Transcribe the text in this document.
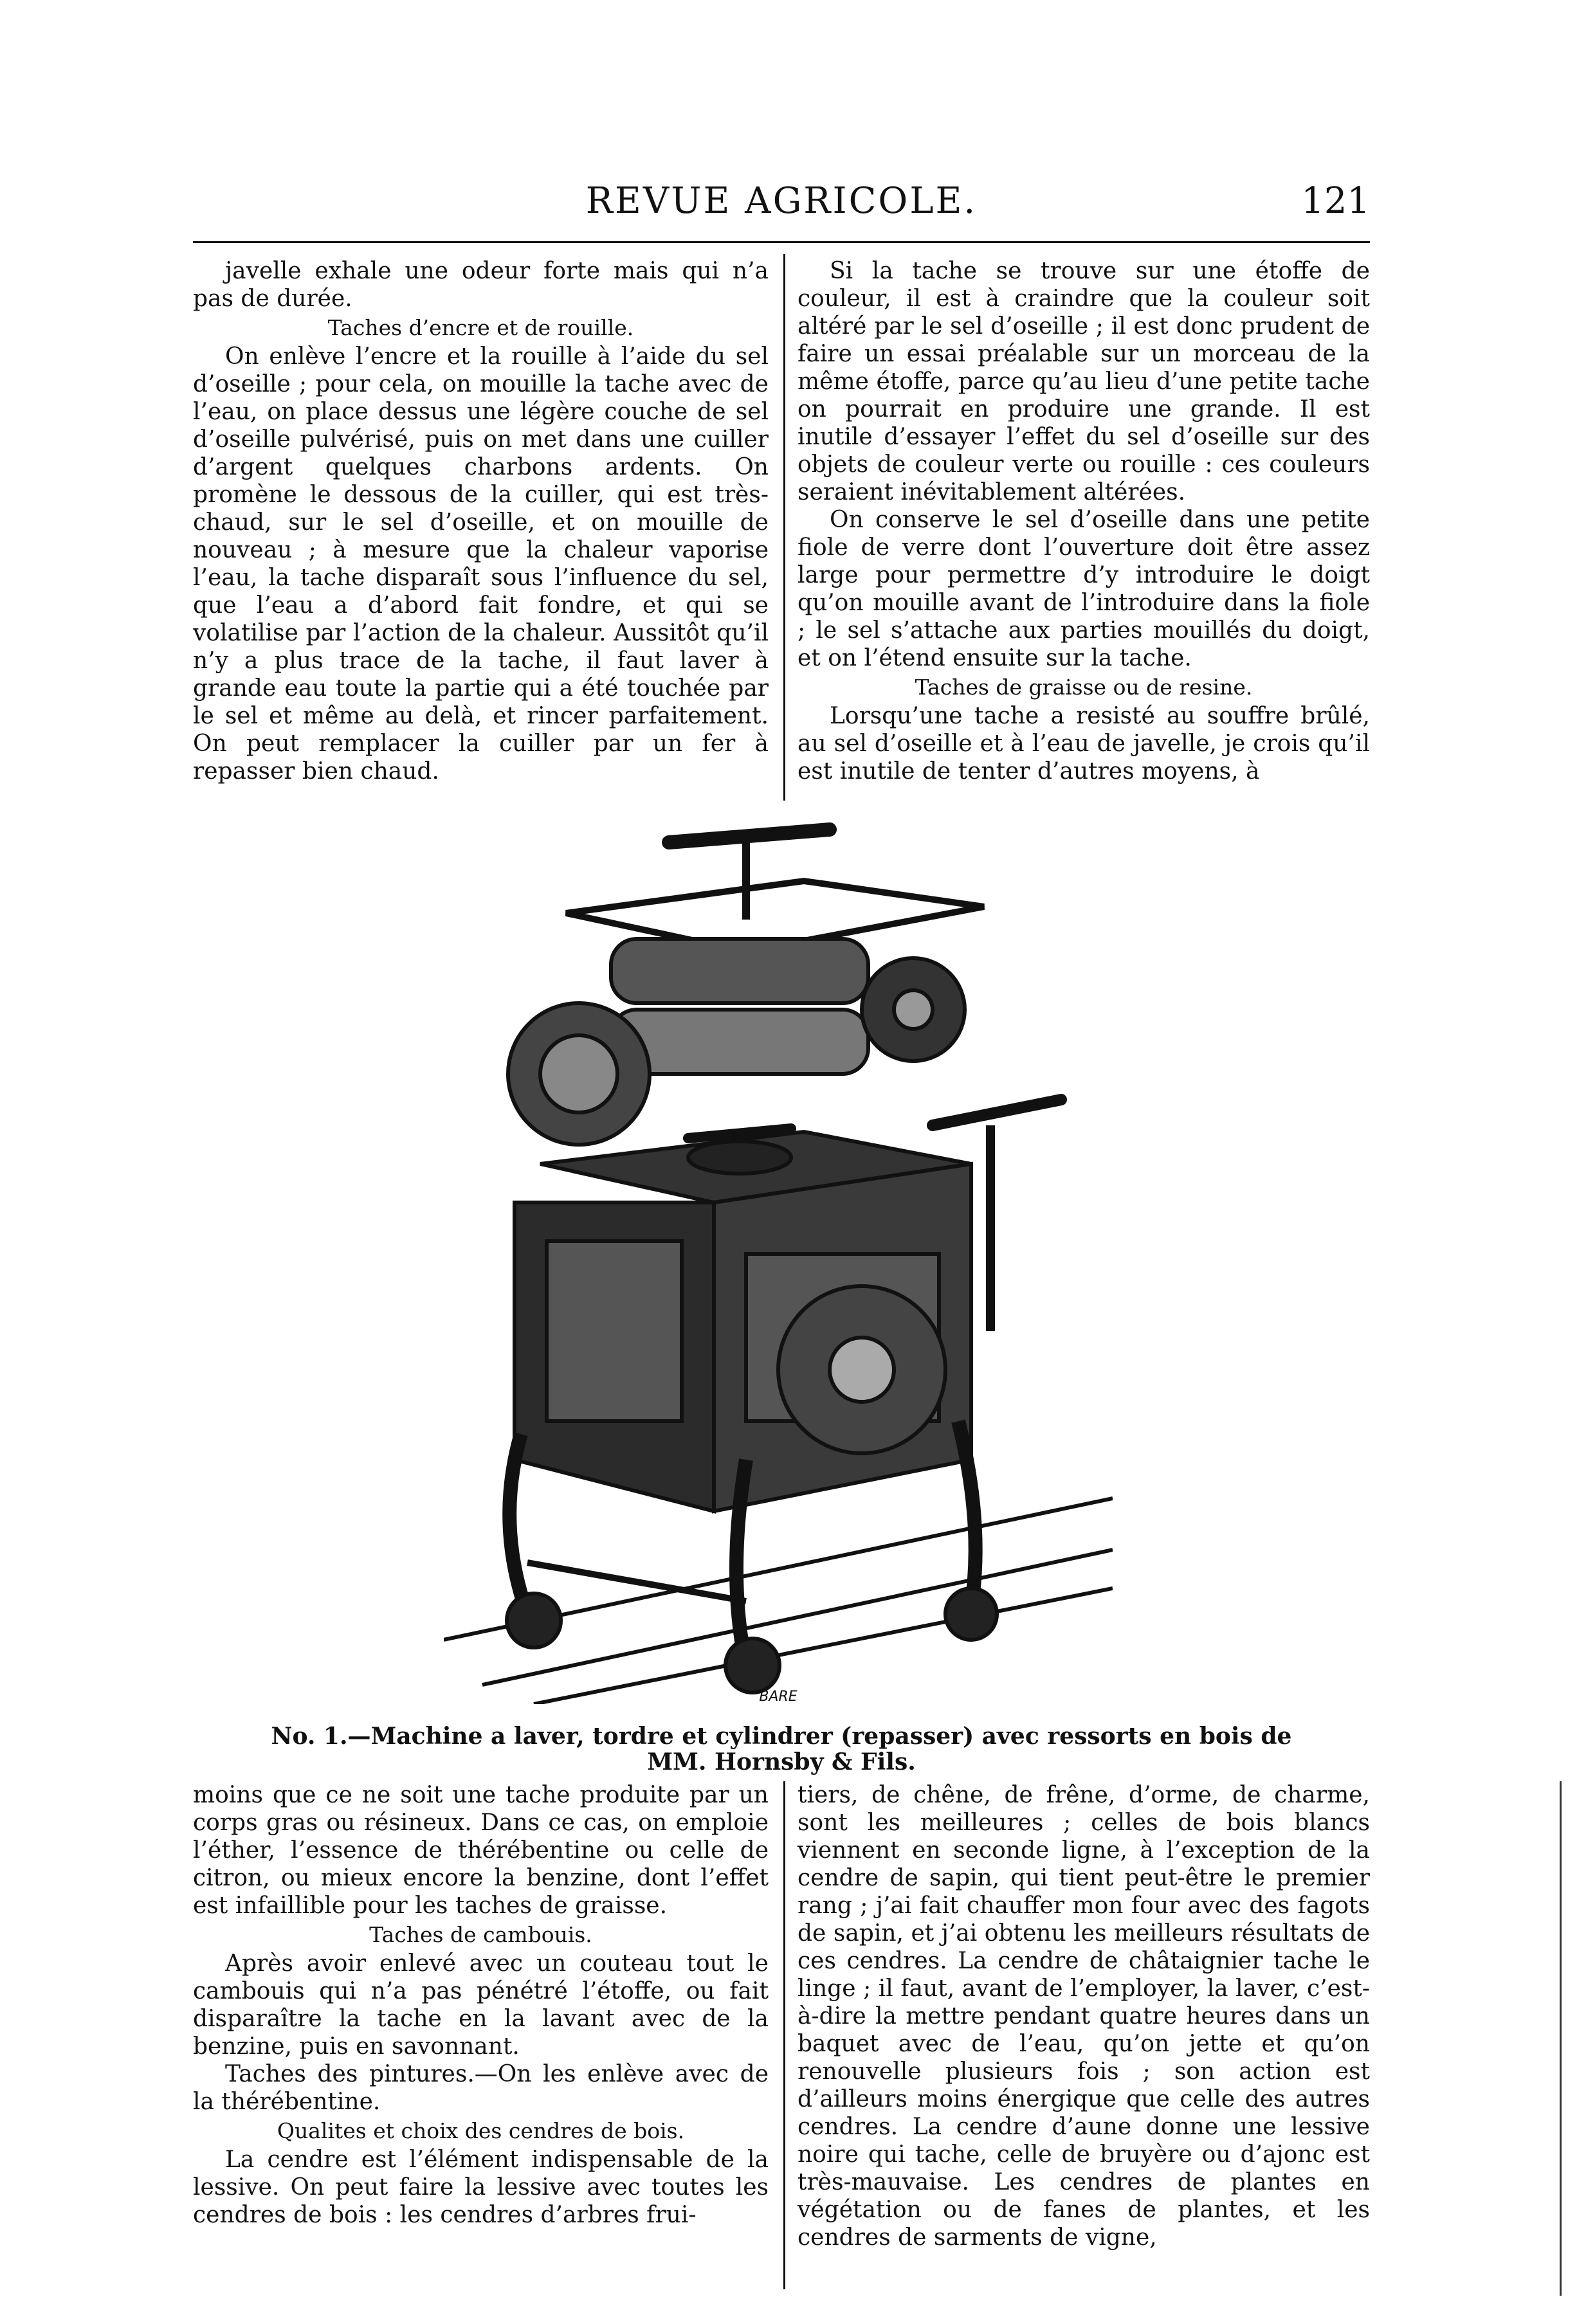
REVUE AGRICOLE.	121

javelle exhale une odeur forte mais qui n’a pas de durée.

Taches d’encre et de rouille.

On enlève l’encre et la rouille à l’aide du sel d’oseille ; pour cela, on mouille la tache avec de l’eau, on place dessus une légère couche de sel d’oseille pulvérisé, puis on met dans une cuiller d’argent quelques charbons ardents. On promène le dessous de la cuiller, qui est très-chaud, sur le sel d’oseille, et on mouille de nouveau ; à mesure que la chaleur vaporise l’eau, la tache disparaît sous l’influence du sel, que l’eau a d’abord fait fondre, et qui se volatilise par l’action de la chaleur. Aussitôt qu’il n’y a plus trace de la tache, il faut laver à grande eau toute la partie qui a été touchée par le sel et même au delà, et rincer parfaitement. On peut remplacer la cuiller par un fer à repasser bien chaud.

Si la tache se trouve sur une étoffe de couleur, il est à craindre que la couleur soit altéré par le sel d’oseille ; il est donc prudent de faire un essai préalable sur un morceau de la même étoffe, parce qu’au lieu d’une petite tache on pourrait en produire une grande. Il est inutile d’essayer l’effet du sel d’oseille sur des objets de couleur verte ou rouille : ces couleurs seraient inévitablement altérées.

On conserve le sel d’oseille dans une petite fiole de verre dont l’ouverture doit être assez large pour permettre d’y introduire le doigt qu’on mouille avant de l’introduire dans la fiole ; le sel s’attache aux parties mouillés du doigt, et on l’étend ensuite sur la tache.

Taches de graisse ou de resine.

Lorsqu’une tache a resisté au souffre brûlé, au sel d’oseille et à l’eau de javelle, je crois qu’il est inutile de tenter d’autres moyens, à

BARE
No. 1.—Machine a laver, tordre et cylindrer (repasser) avec ressorts en bois de
MM. Hornsby & Fils.

moins que ce ne soit une tache produite par un corps gras ou résineux. Dans ce cas, on emploie l’éther, l’essence de thérébentine ou celle de citron, ou mieux encore la benzine, dont l’effet est infaillible pour les taches de graisse.

Taches de cambouis.

Après avoir enlevé avec un couteau tout le cambouis qui n’a pas pénétré l’étoffe, ou fait disparaître la tache en la lavant avec de la benzine, puis en savonnant.

Taches des pintures.—On les enlève avec de la thérébentine.

Qualites et choix des cendres de bois.

La cendre est l’élément indispensable de la lessive. On peut faire la lessive avec toutes les cendres de bois : les cendres d’arbres frui-

tiers, de chêne, de frêne, d’orme, de charme, sont les meilleures ; celles de bois blancs viennent en seconde ligne, à l’exception de la cendre de sapin, qui tient peut-être le premier rang ; j’ai fait chauffer mon four avec des fagots de sapin, et j’ai obtenu les meilleurs résultats de ces cendres. La cendre de châtaignier tache le linge ; il faut, avant de l’employer, la laver, c’est-à-dire la mettre pendant quatre heures dans un baquet avec de l’eau, qu’on jette et qu’on renouvelle plusieurs fois ; son action est d’ailleurs moins énergique que celle des autres cendres. La cendre d’aune donne une lessive noire qui tache, celle de bruyère ou d’ajonc est très-mauvaise. Les cendres de plantes en végétation ou de fanes de plantes, et les cendres de sarments de vigne,
